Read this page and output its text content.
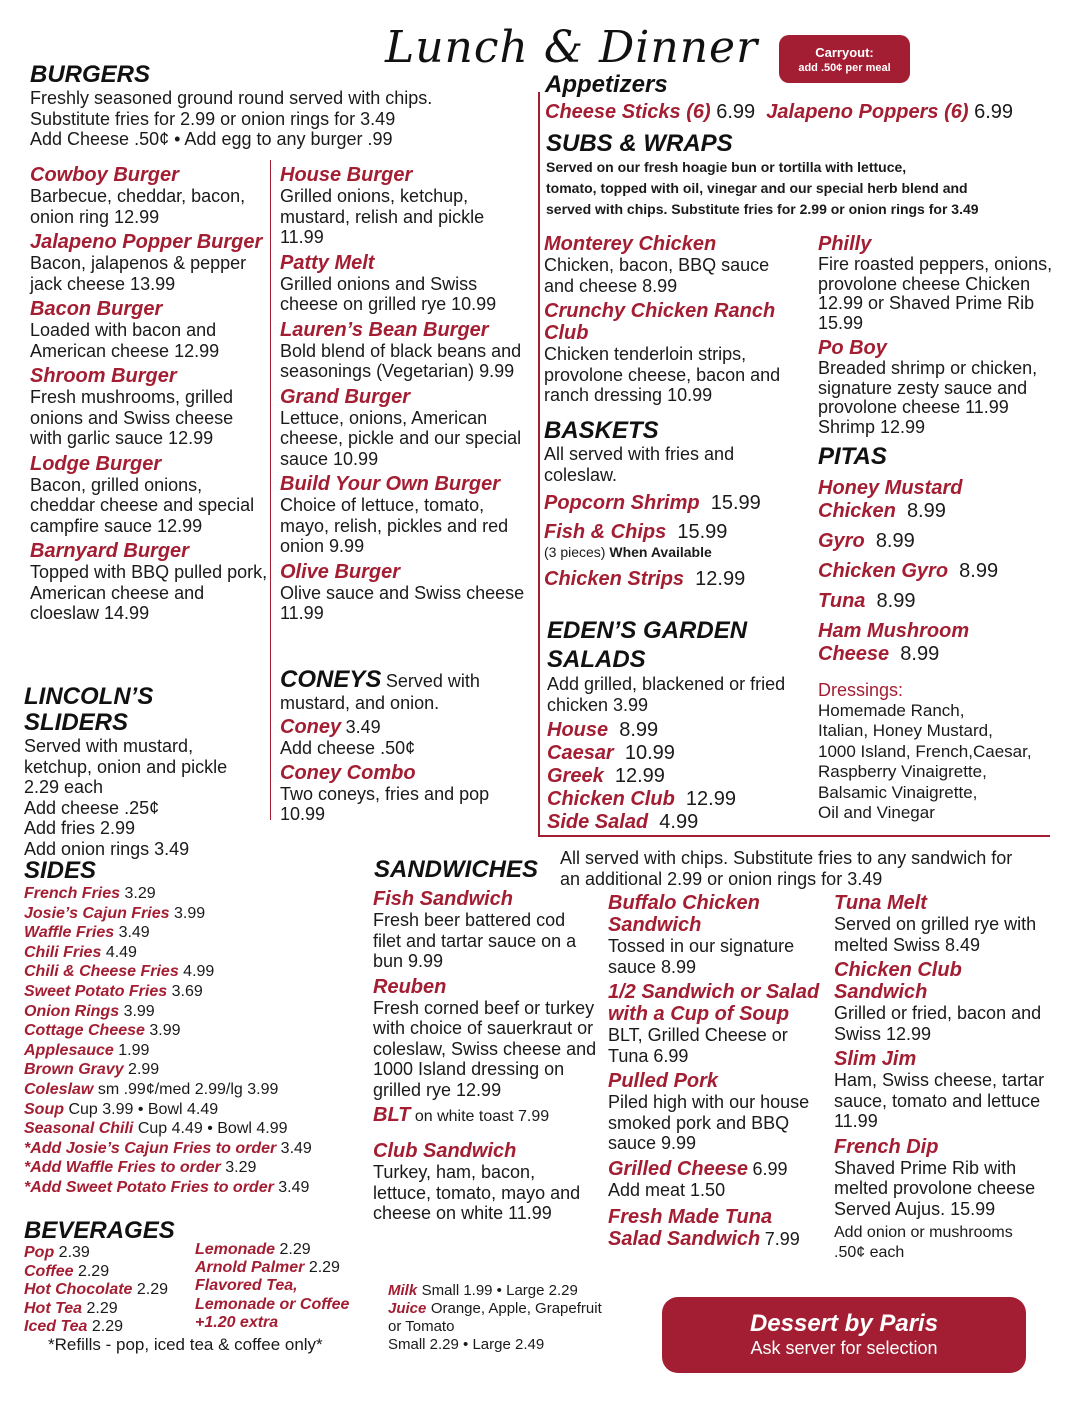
Lunch & Dinner	Carryout:
add .50¢ per meal
BURGERS
Freshly seasoned ground round served with chips.
Substitute fries for 2.99 or onion rings for 3.49
Add Cheese .50¢ • Add egg to any burger .99
Cowboy Burger
Barbecue, cheddar, bacon, onion ring 12.99
Jalapeno Popper Burger
Bacon, jalapenos & pepper jack cheese 13.99
Bacon Burger
Loaded with bacon and American cheese 12.99
Shroom Burger
Fresh mushrooms, grilled onions and Swiss cheese with garlic sauce 12.99
Lodge Burger
Bacon, grilled onions, cheddar cheese and special campfire sauce 12.99
Barnyard Burger
Topped with BBQ pulled pork, American cheese and cloeslaw 14.99
House Burger
Grilled onions, ketchup, mustard, relish and pickle 11.99
Patty Melt
Grilled onions and Swiss cheese on grilled rye 10.99
Lauren’s Bean Burger
Bold blend of black beans and seasonings (Vegetarian) 9.99
Grand Burger
Lettuce, onions, American cheese, pickle and our special sauce 10.99
Build Your Own Burger
Choice of lettuce, tomato, mayo, relish, pickles and red onion 9.99
Olive Burger
Olive sauce and Swiss cheese 11.99
CONEYS Served with mustard, and onion.
Coney 3.49
Add cheese .50¢
Coney Combo
Two coneys, fries and pop 10.99
LINCOLN’S
SLIDERS
Served with mustard,
ketchup, onion and pickle
2.29 each
Add cheese .25¢
Add fries 2.99
Add onion rings 3.49
SIDES
French Fries 3.29
Josie’s Cajun Fries 3.99
Waffle Fries 3.49
Chili Fries 4.49
Chili & Cheese Fries 4.99
Sweet Potato Fries 3.69
Onion Rings 3.99
Cottage Cheese 3.99
Applesauce 1.99
Brown Gravy 2.99
Coleslaw sm .99¢/med 2.99/lg 3.99
Soup Cup 3.99 • Bowl 4.49
Seasonal Chili Cup 4.49 • Bowl 4.99
*Add Josie’s Cajun Fries to order 3.49
*Add Waffle Fries to order 3.29
*Add Sweet Potato Fries to order 3.49
BEVERAGES
Pop 2.39
Coffee 2.29
Hot Chocolate 2.29
Hot Tea 2.29
Iced Tea 2.29
Lemonade 2.29
Arnold Palmer 2.29
Flavored Tea,
Lemonade or Coffee
+1.20 extra
*Refills - pop, iced tea & coffee only*
Milk Small 1.99 • Large 2.29
Juice Orange, Apple, Grapefruit
or Tomato
Small 2.29 • Large 2.49
Appetizers
Cheese Sticks (6) 6.99 Jalapeno Poppers (6) 6.99
SUBS & WRAPS
Served on our fresh hoagie bun or tortilla with lettuce,
tomato, topped with oil, vinegar and our special herb blend and
served with chips. Substitute fries for 2.99 or onion rings for 3.49
Monterey Chicken
Chicken, bacon, BBQ sauce and cheese 8.99
Crunchy Chicken Ranch Club
Chicken tenderloin strips, provolone cheese, bacon and ranch dressing 10.99
Philly
Fire roasted peppers, onions, provolone cheese Chicken 12.99 or Shaved Prime Rib 15.99
Po Boy
Breaded shrimp or chicken, signature zesty sauce and provolone cheese 11.99 Shrimp 12.99
BASKETS
All served with fries and coleslaw.
Popcorn Shrimp 15.99
Fish & Chips 15.99
(3 pieces) When Available
Chicken Strips 12.99
PITAS
Honey Mustard Chicken 8.99
Gyro 8.99
Chicken Gyro 8.99
Tuna 8.99
Ham Mushroom Cheese 8.99
EDEN’S GARDEN
SALADS
Add grilled, blackened or fried chicken 3.99
House 8.99
Caesar 10.99
Greek 12.99
Chicken Club 12.99
Side Salad 4.99
Dressings:
Homemade Ranch,
Italian, Honey Mustard,
1000 Island, French,Caesar,
Raspberry Vinaigrette,
Balsamic Vinaigrette,
Oil and Vinegar
SANDWICHES All served with chips. Substitute fries to any sandwich for
an additional 2.99 or onion rings for 3.49
Fish Sandwich
Fresh beer battered cod filet and tartar sauce on a bun 9.99
Reuben
Fresh corned beef or turkey with choice of sauerkraut or coleslaw, Swiss cheese and 1000 Island dressing on grilled rye 12.99
BLT on white toast 7.99
Club Sandwich
Turkey, ham, bacon, lettuce, tomato, mayo and cheese on white 11.99
Buffalo Chicken Sandwich
Tossed in our signature sauce 8.99
1/2 Sandwich or Salad with a Cup of Soup
BLT, Grilled Cheese or Tuna 6.99
Pulled Pork
Piled high with our house smoked pork and BBQ sauce 9.99
Grilled Cheese 6.99
Add meat 1.50
Fresh Made Tuna Salad Sandwich 7.99
Tuna Melt
Served on grilled rye with melted Swiss 8.49
Chicken Club Sandwich
Grilled or fried, bacon and Swiss 12.99
Slim Jim
Ham, Swiss cheese, tartar sauce, tomato and lettuce 11.99
French Dip
Shaved Prime Rib with melted provolone cheese Served Aujus. 15.99
Add onion or mushrooms .50¢ each
Dessert by Paris
Ask server for selection
